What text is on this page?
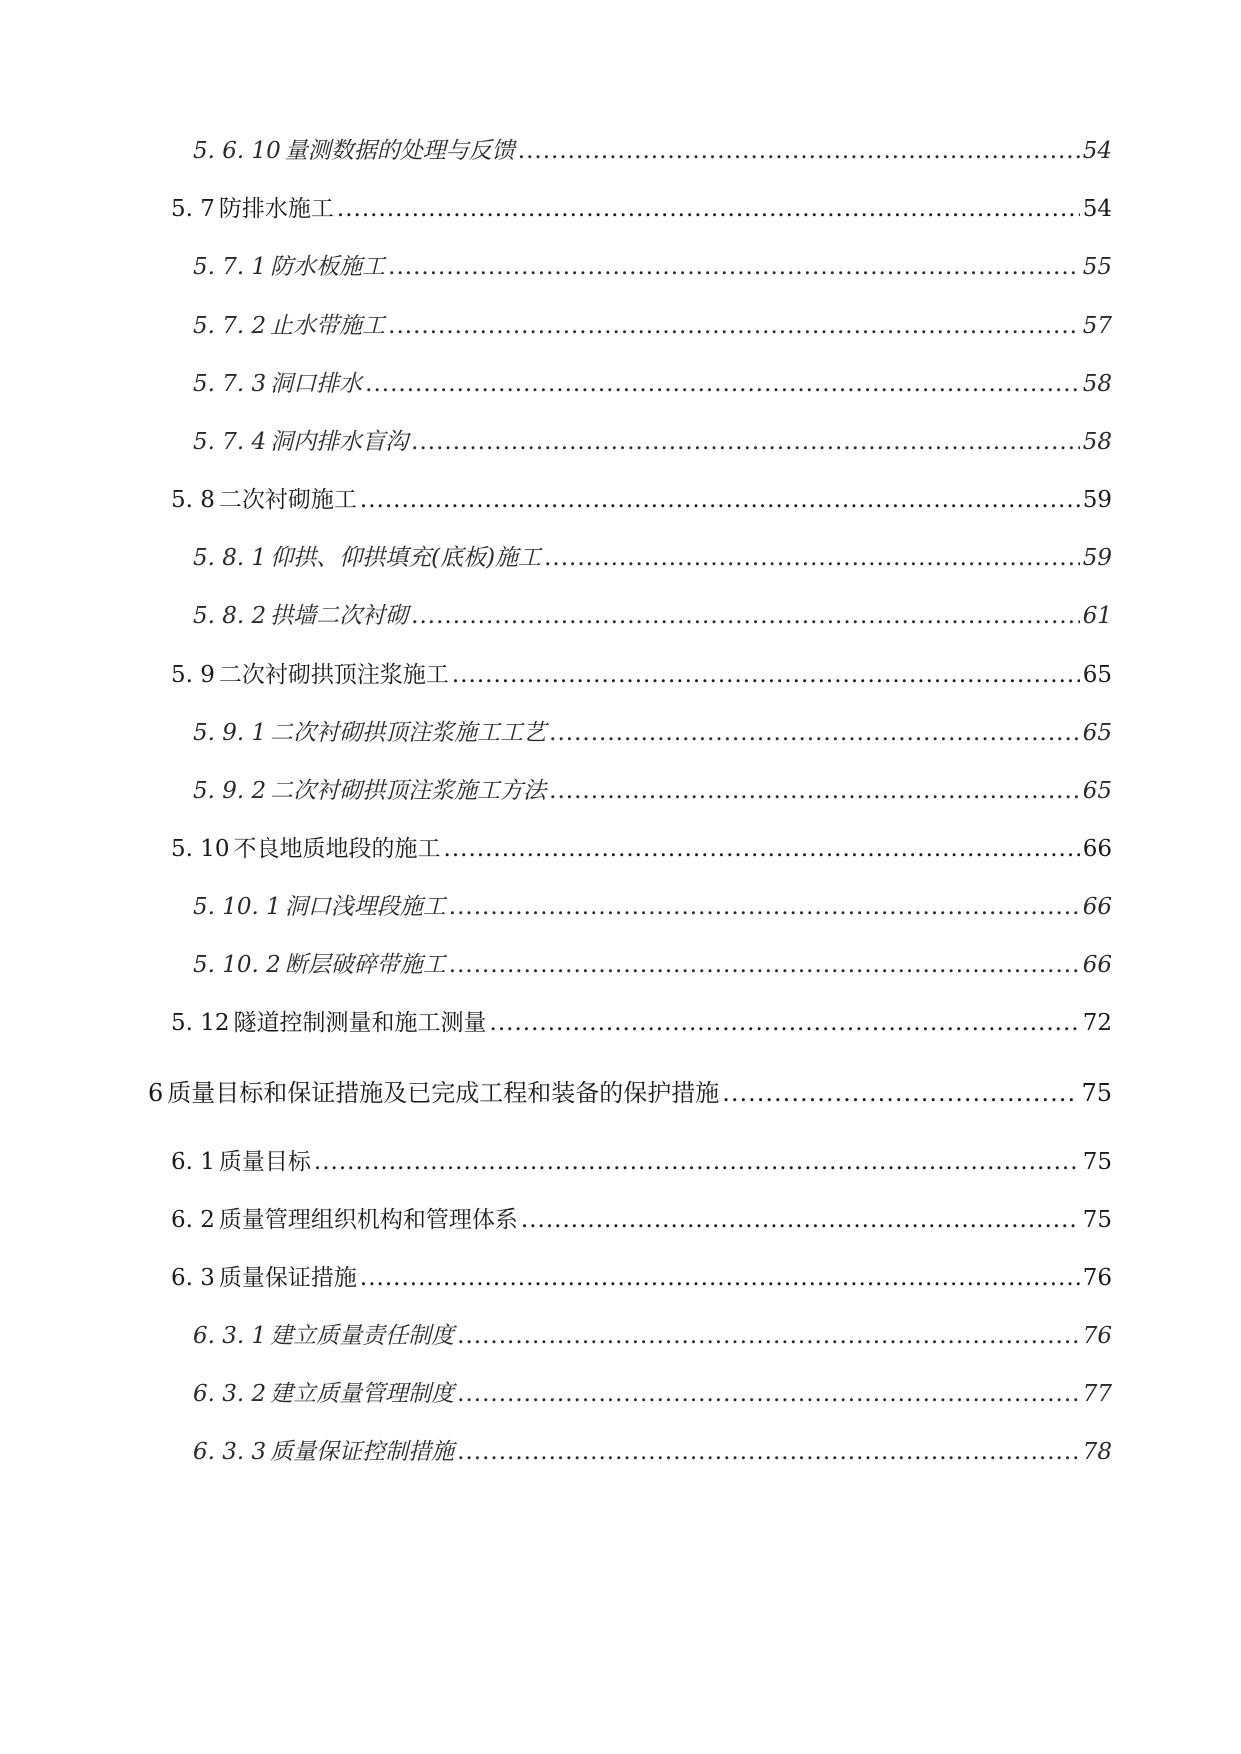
5. 6. 10 量测数据的处理与反馈 .....	54
5. 7 防排水施工 .....	54
5. 7. 1 防水板施工 .....	55
5. 7. 2 止水带施工 .....	57
5. 7. 3 洞口排水 .....	58
5. 7. 4 洞内排水盲沟 .....	58
5. 8 二次衬砌施工 .....	59
5. 8. 1 仰拱、仰拱填充(底板)施工 .....	59
5. 8. 2 拱墙二次衬砌 .....	61
5. 9 二次衬砌拱顶注浆施工 .....	65
5. 9. 1 二次衬砌拱顶注浆施工工艺 .....	65
5. 9. 2 二次衬砌拱顶注浆施工方法 .....	65
5. 10 不良地质地段的施工 .....	66
5. 10. 1 洞口浅埋段施工 .....	66
5. 10. 2 断层破碎带施工 .....	66
5. 12 隧道控制测量和施工测量 .....	72
6 质量目标和保证措施及已完成工程和装备的保护措施 .....	75
6. 1 质量目标 .....	75
6. 2 质量管理组织机构和管理体系 .....	75
6. 3 质量保证措施 .....	76
6. 3. 1 建立质量责任制度 .....	76
6. 3. 2 建立质量管理制度 .....	77
6. 3. 3 质量保证控制措施 .....	78
